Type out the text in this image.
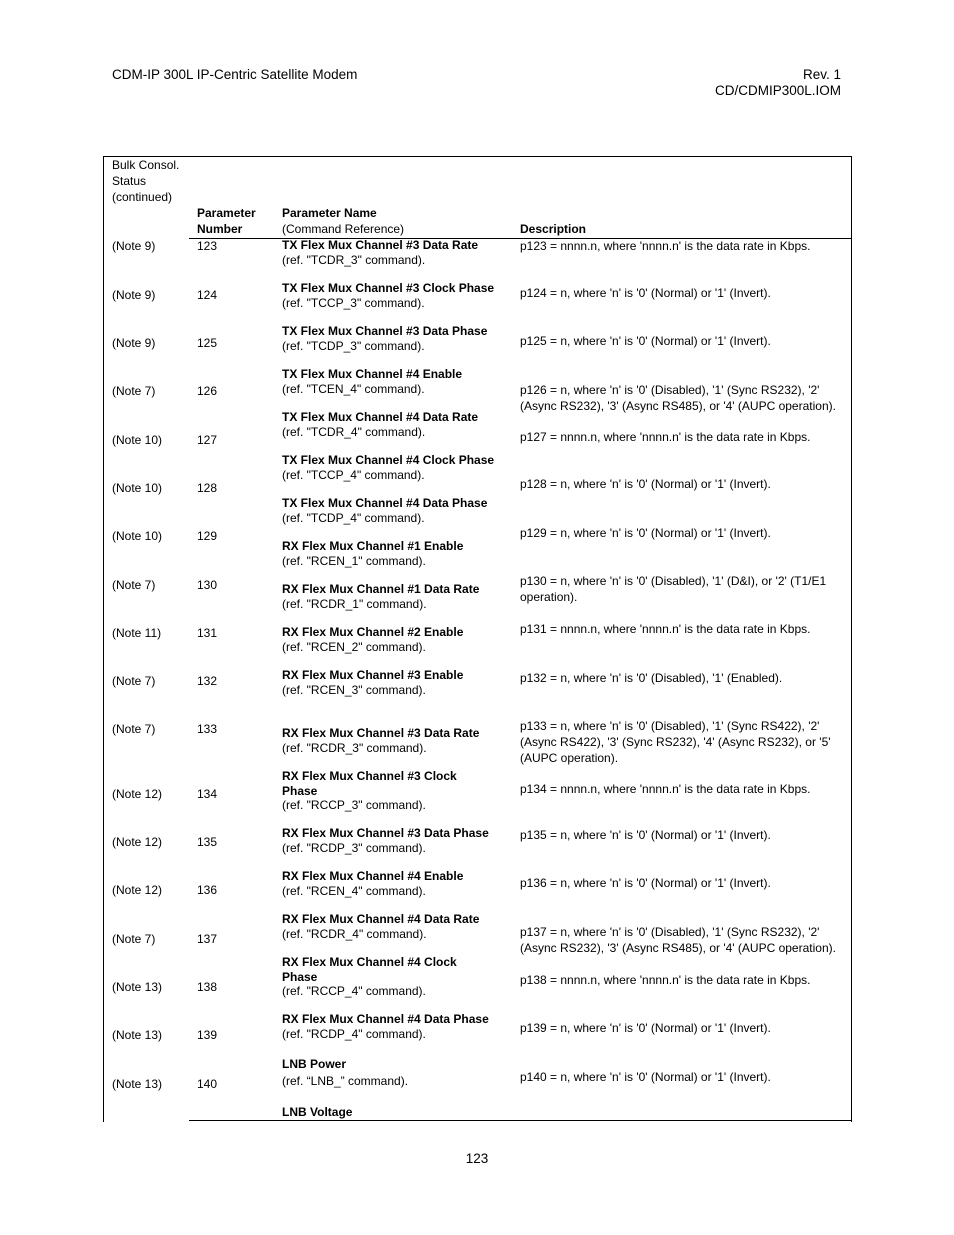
CDM-IP 300L IP-Centric Satellite Modem	Rev. 1
CD/CDMIP300L.IOM
Bulk Consol.
Status
(continued)
Parameter
Number
Parameter Name
(Command Reference)	Description
(Note 9)
(Note 9)
(Note 9)
(Note 7)
(Note 10)
(Note 10)
(Note 10)
(Note 7)
(Note 11)
(Note 7)
(Note 7)
(Note 12)
(Note 12)
(Note 12)
(Note 7)
(Note 13)
(Note 13)
(Note 13)
123
124
125
126
127
128
129
130
131
132
133
134
135
136
137
138
139
140
TX Flex Mux Channel #3 Data Rate
(ref. "TCDR_3" command).
TX Flex Mux Channel #3 Clock Phase
(ref. "TCCP_3" command).
TX Flex Mux Channel #3 Data Phase
(ref. "TCDP_3" command).
TX Flex Mux Channel #4 Enable
(ref. "TCEN_4" command).
TX Flex Mux Channel #4 Data Rate
(ref. "TCDR_4" command).
TX Flex Mux Channel #4 Clock Phase
(ref. "TCCP_4" command).
TX Flex Mux Channel #4 Data Phase
(ref. "TCDP_4" command).
RX Flex Mux Channel #1 Enable
(ref. "RCEN_1" command).
RX Flex Mux Channel #1 Data Rate
(ref. "RCDR_1" command).
RX Flex Mux Channel #2 Enable
(ref. "RCEN_2" command).
RX Flex Mux Channel #3 Enable
(ref. "RCEN_3" command).
RX Flex Mux Channel #3 Data Rate
(ref. "RCDR_3" command).
RX Flex Mux Channel #3 Clock Phase
(ref. "RCCP_3" command).
RX Flex Mux Channel #3 Data Phase
(ref. "RCDP_3" command).
RX Flex Mux Channel #4 Enable
(ref. "RCEN_4" command).
RX Flex Mux Channel #4 Data Rate
(ref. "RCDR_4" command).
RX Flex Mux Channel #4 Clock Phase
(ref. "RCCP_4" command).
RX Flex Mux Channel #4 Data Phase
(ref. "RCDP_4" command).
LNB Power
(ref. “LNB_” command).
LNB Voltage
p123 = nnnn.n, where 'nnnn.n' is the data rate in Kbps.
p124 = n, where 'n' is '0' (Normal) or '1' (Invert).
p125 = n, where 'n' is '0' (Normal) or '1' (Invert).
p126 = n, where 'n' is '0' (Disabled), '1' (Sync RS232), '2' (Async RS232), '3' (Async RS485), or '4' (AUPC operation).
p127 = nnnn.n, where 'nnnn.n' is the data rate in Kbps.
p128 = n, where 'n' is '0' (Normal) or '1' (Invert).
p129 = n, where 'n' is '0' (Normal) or '1' (Invert).
p130 = n, where 'n' is '0' (Disabled), '1' (D&I), or '2' (T1/E1 operation).
p131 = nnnn.n, where 'nnnn.n' is the data rate in Kbps.
p132 = n, where 'n' is '0' (Disabled), '1' (Enabled).
p133 = n, where 'n' is '0' (Disabled), '1' (Sync RS422), '2' (Async RS422), '3' (Sync RS232), '4' (Async RS232), or '5' (AUPC operation).
p134 = nnnn.n, where 'nnnn.n' is the data rate in Kbps.
p135 = n, where 'n' is '0' (Normal) or '1' (Invert).
p136 = n, where 'n' is '0' (Normal) or '1' (Invert).
p137 = n, where 'n' is '0' (Disabled), '1' (Sync RS232), '2' (Async RS232), '3' (Async RS485), or '4' (AUPC operation).
p138 = nnnn.n, where 'nnnn.n' is the data rate in Kbps.
p139 = n, where 'n' is '0' (Normal) or '1' (Invert).
p140 = n, where 'n' is '0' (Normal) or '1' (Invert).
123
